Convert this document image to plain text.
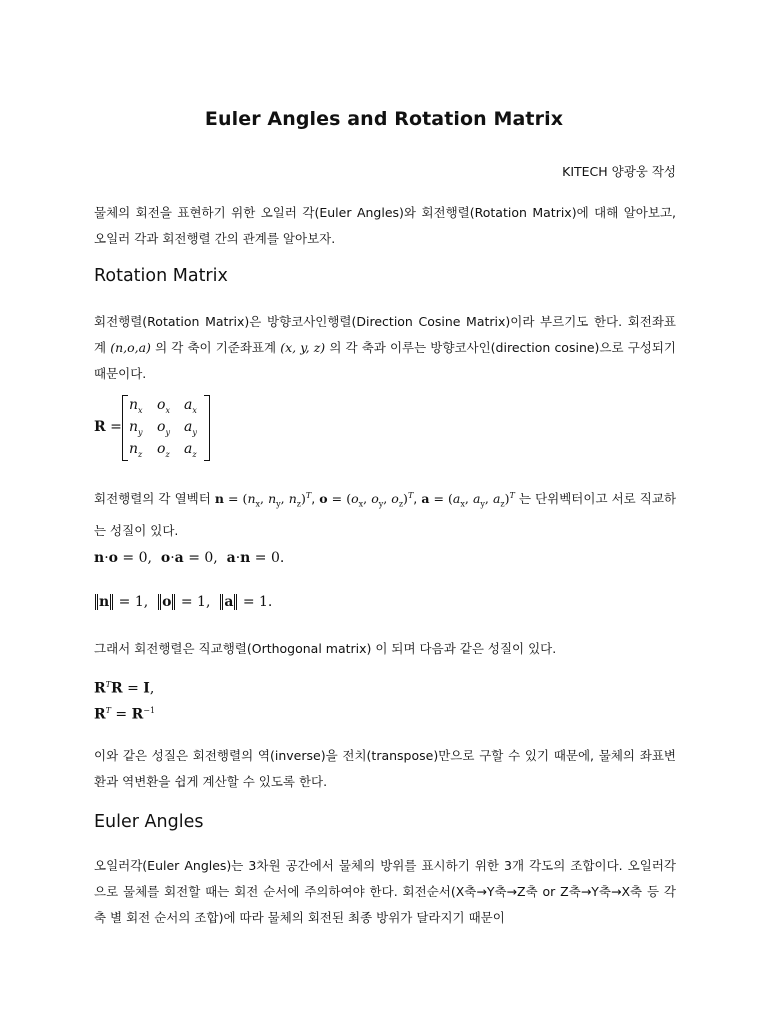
Euler Angles and Rotation Matrix
KITECH 양광웅 작성
물체의 회전을 표현하기 위한 오일러 각(Euler Angles)와 회전행렬(Rotation Matrix)에 대해 알아보고, 오일러 각과 회전행렬 간의 관계를 알아보자.
Rotation Matrix
회전행렬(Rotation Matrix)은 방향코사인행렬(Direction Cosine Matrix)이라 부르기도 한다. 회전좌표계 (n,o,a) 의 각 축이 기준좌표계 (x, y, z) 의 각 축과 이루는 방향코사인(direction cosine)으로 구성되기 때문이다.
R =
$n_x$ $o_x$ $a_x$
$n_y$ $o_y$ $a_y$
$n_z$ $o_z$ $a_z$
회전행렬의 각 열벡터 $n = (n_x$, $n_y$, $n_z)^T$, $o = (o_x$, $o_y$, $o_z)^T$, $a = (a_x$, $a_y$, $a_z)^T$ 는 단위벡터이고 서로 직교하는 성질이 있다.
n·o = 0,  o·a = 0,  a·n = 0.
n = 1,  o = 1,  a = 1.
그래서 회전행렬은 직교행렬(Orthogonal matrix) 이 되며 다음과 같은 성질이 있다.
$R^TR = I$,
$R^T = R^{-1}$
이와 같은 성질은 회전행렬의 역(inverse)을 전치(transpose)만으로 구할 수 있기 때문에, 물체의 좌표변환과 역변환을 쉽게 계산할 수 있도록 한다.
Euler Angles
오일러각(Euler Angles)는 3차원 공간에서 물체의 방위를 표시하기 위한 3개 각도의 조합이다. 오일러각으로 물체를 회전할 때는 회전 순서에 주의하여야 한다. 회전순서(X축→Y축→Z축 or Z축→Y축→X축 등 각 축 별 회전 순서의 조합)에 따라 물체의 회전된 최종 방위가 달라지기 때문이
